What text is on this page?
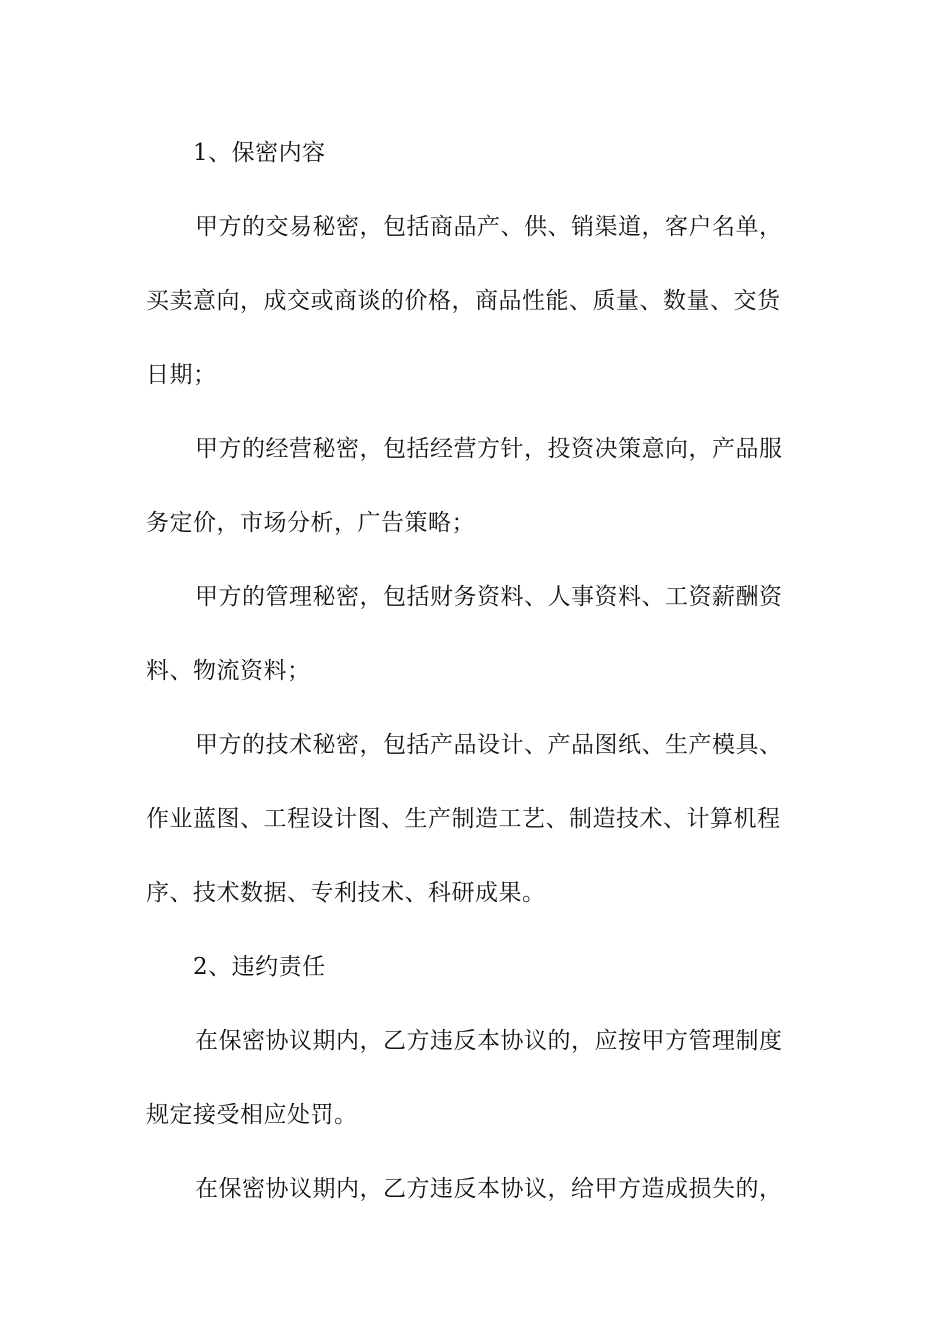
1、保密内容
甲方的交易秘密，包括商品产、供、销渠道，客户名单，
买卖意向，成交或商谈的价格，商品性能、质量、数量、交货
日期；
甲方的经营秘密，包括经营方针，投资决策意向，产品服
务定价，市场分析，广告策略；
甲方的管理秘密，包括财务资料、人事资料、工资薪酬资
料、物流资料；
甲方的技术秘密，包括产品设计、产品图纸、生产模具、
作业蓝图、工程设计图、生产制造工艺、制造技术、计算机程
序、技术数据、专利技术、科研成果。
2、违约责任
在保密协议期内，乙方违反本协议的，应按甲方管理制度
规定接受相应处罚。
在保密协议期内，乙方违反本协议，给甲方造成损失的，
